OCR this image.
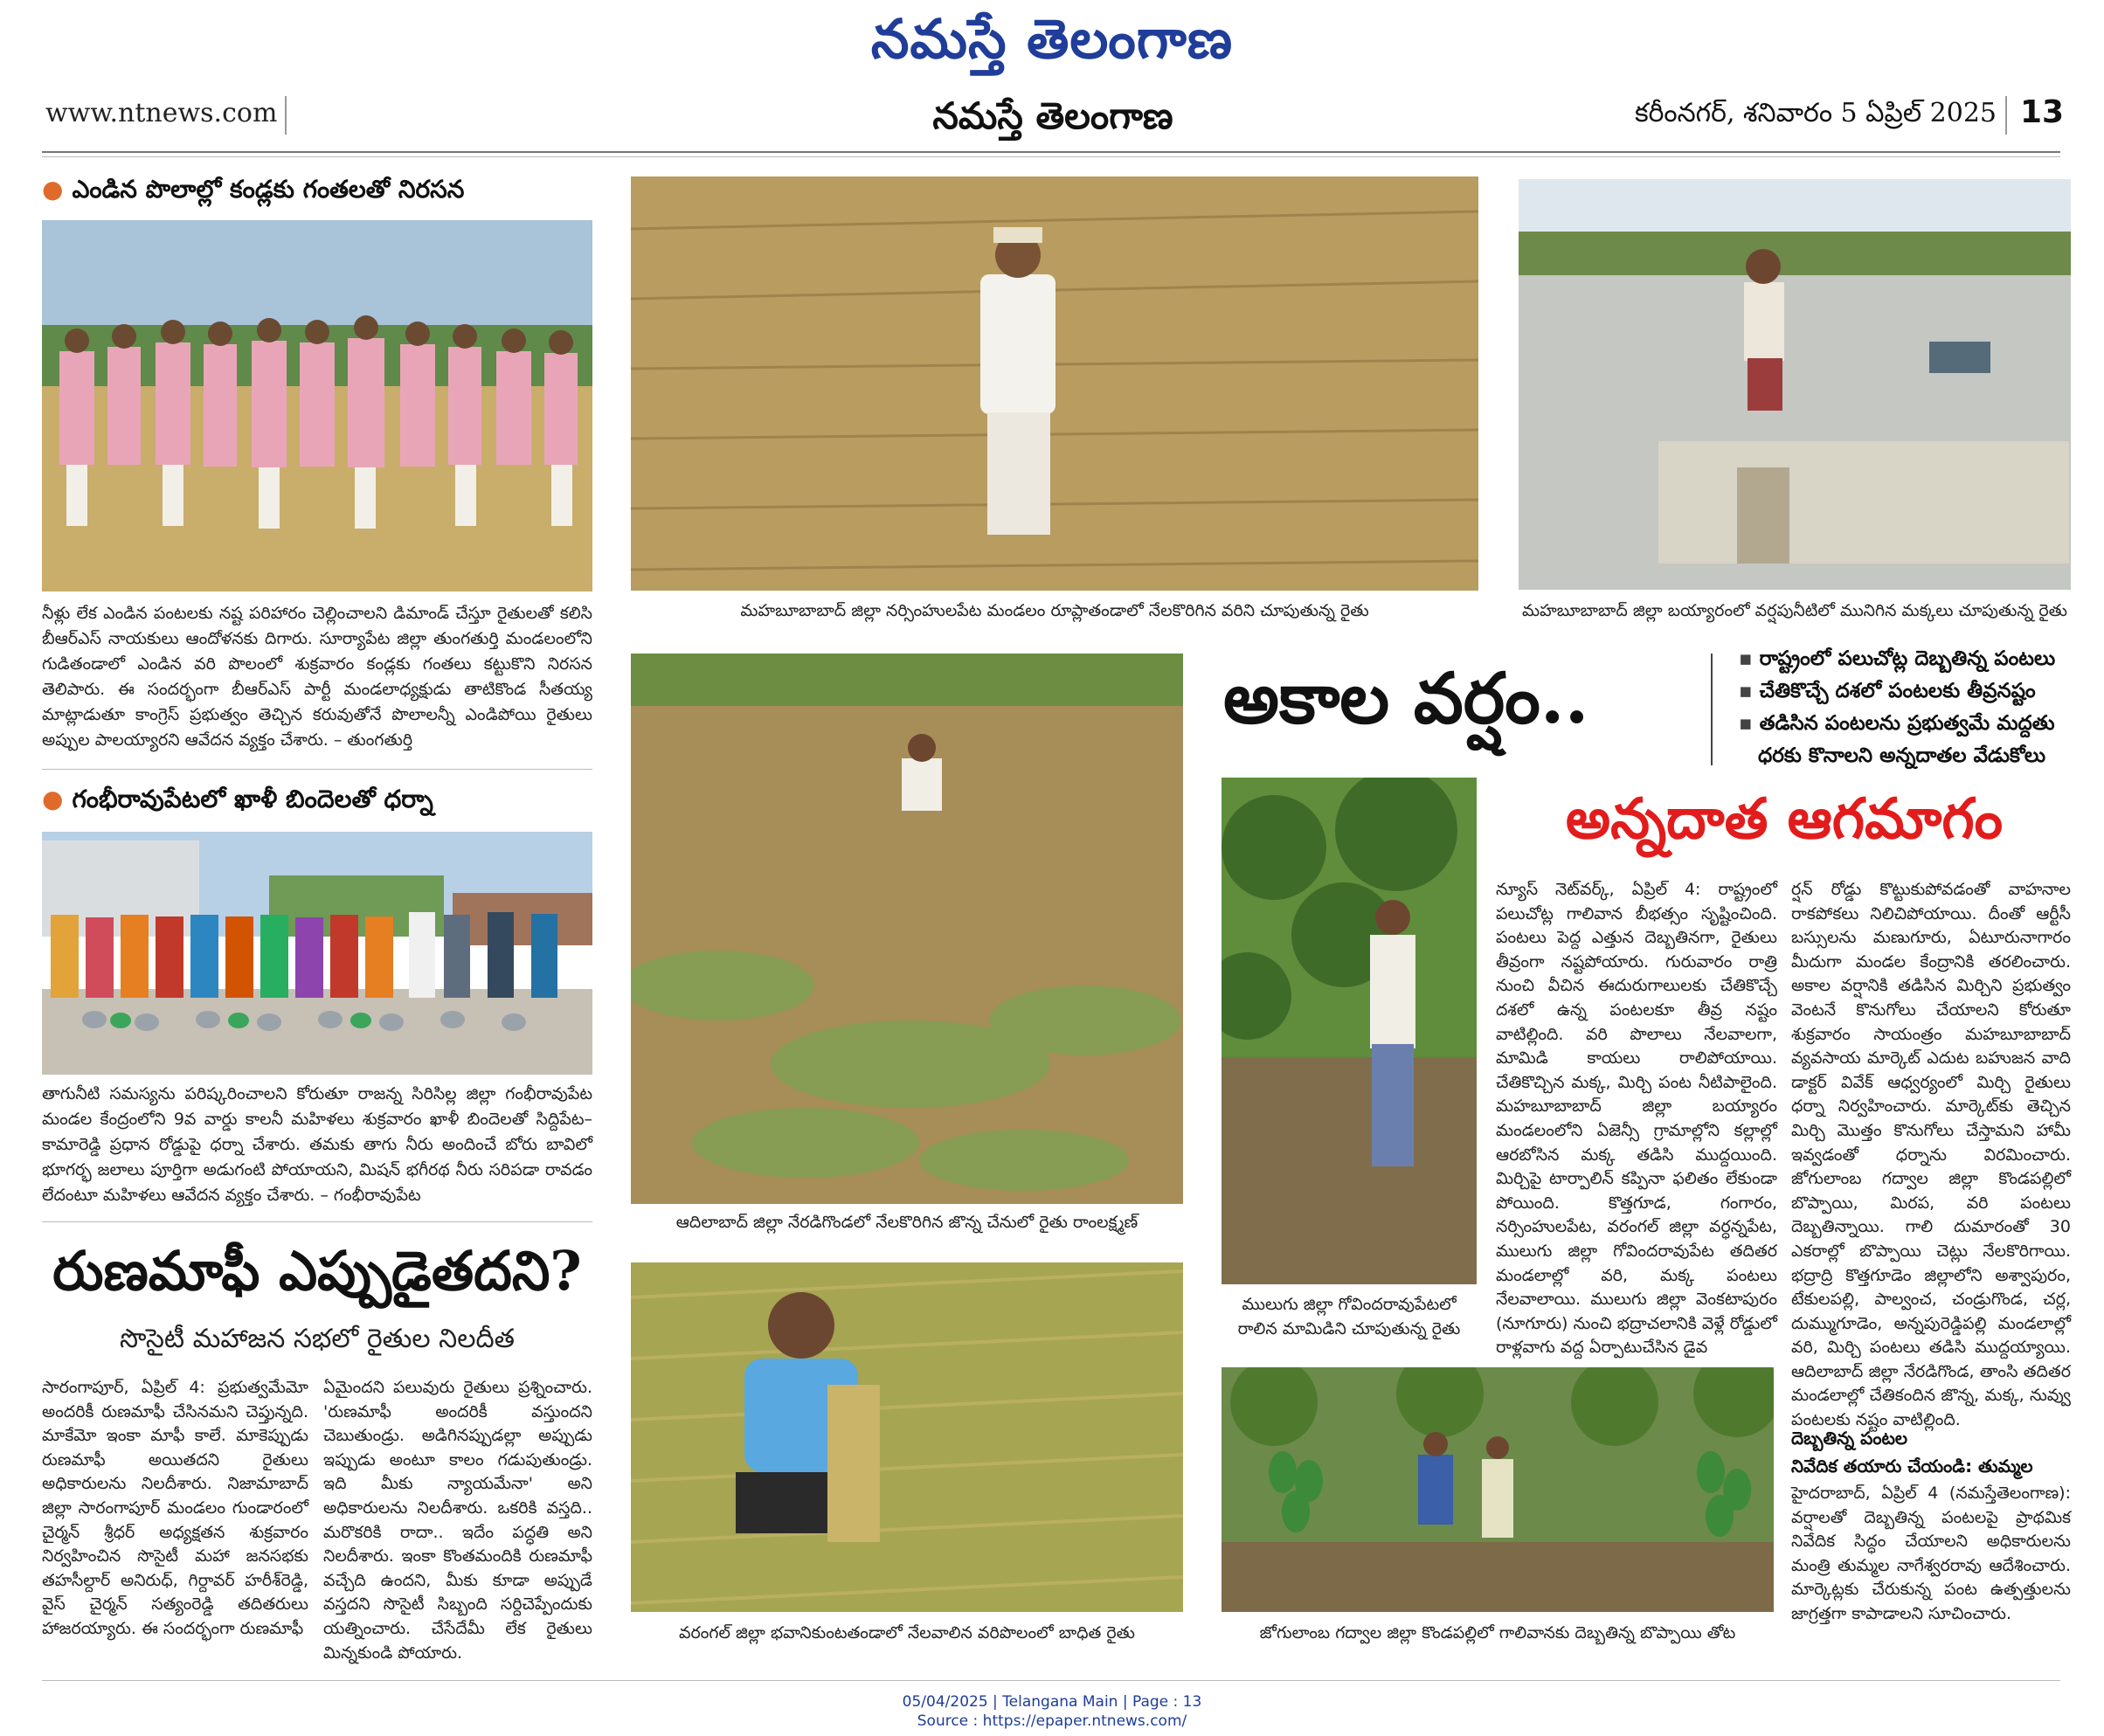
నమస్తే తెలంగాణ
www.ntnews.com	నమస్తే తెలంగాణ	కరీంనగర్, శనివారం 5 ఏప్రిల్ 2025 13
● ఎండిన పొలాల్లో కండ్లకు గంతలతో నిరసన
నీళ్లు లేక ఎండిన పంటలకు నష్ట పరిహారం చెల్లించాలని డిమాండ్ చేస్తూ రైతులతో కలిసి బీఆర్ఎస్ నాయకులు ఆందోళనకు దిగారు. సూర్యాపేట జిల్లా తుంగతుర్తి మండలంలోని గుడితండాలో ఎండిన వరి పొలంలో శుక్రవారం కండ్లకు గంతలు కట్టుకొని నిరసన తెలిపారు. ఈ సందర్భంగా బీఆర్ఎస్ పార్టీ మండలాధ్యక్షుడు తాటికొండ సీతయ్య మాట్లాడుతూ కాంగ్రెస్ ప్రభుత్వం తెచ్చిన కరువుతోనే పొలాలన్నీ ఎండిపోయి రైతులు అప్పుల పాలయ్యారని ఆవేదన వ్యక్తం చేశారు. – తుంగతుర్తి
● గంభీరావుపేటలో ఖాళీ బిందెలతో ధర్నా
తాగునీటి సమస్యను పరిష్కరించాలని కోరుతూ రాజన్న సిరిసిల్ల జిల్లా గంభీరావుపేట మండల కేంద్రంలోని 9వ వార్డు కాలనీ మహిళలు శుక్రవారం ఖాళీ బిందెలతో సిద్దిపేట–కామారెడ్డి ప్రధాన రోడ్డుపై ధర్నా చేశారు. తమకు తాగు నీరు అందించే బోరు బావిలో భూగర్భ జలాలు పూర్తిగా అడుగంటి పోయాయని, మిషన్ భగీరథ నీరు సరిపడా రావడం లేదంటూ మహిళలు ఆవేదన వ్యక్తం చేశారు. – గంభీరావుపేట
రుణమాఫీ ఎప్పుడైతదని?
సొసైటీ మహాజన సభలో రైతుల నిలదీత
సారంగాపూర్, ఏప్రిల్ 4: ప్రభుత్వమేమో అందరికీ రుణమాఫీ చేసినమని చెప్తున్నది. మాకేమో ఇంకా మాఫీ కాలే. మాకెప్పుడు రుణమాఫీ అయితదని రైతులు అధికారులను నిలదీశారు. నిజామాబాద్ జిల్లా సారంగాపూర్ మండలం గుండారంలో చైర్మన్ శ్రీధర్ అధ్యక్షతన శుక్రవారం నిర్వహించిన సొసైటీ మహా జనసభకు తహసీల్దార్ అనిరుధ్, గిర్దావర్ హరీశ్‌రెడ్డి, వైస్ చైర్మన్ సత్యంరెడ్డి తదితరులు హాజరయ్యారు. ఈ సందర్భంగా రుణమాఫీ
ఏమైందని పలువురు రైతులు ప్రశ్నించారు. 'రుణమాఫీ అందరికీ వస్తుందని చెబుతుండ్రు. అడిగినప్పుడల్లా అప్పుడు ఇప్పుడు అంటూ కాలం గడుపుతుండ్రు. ఇది మీకు న్యాయమేనా' అని అధికారులను నిలదీశారు. ఒకరికి వస్తది.. మరొకరికి రాదా.. ఇదేం పద్ధతి అని నిలదీశారు. ఇంకా కొంతమందికి రుణమాఫీ వచ్చేది ఉందని, మీకు కూడా అప్పుడే వస్తదని సొసైటీ సిబ్బంది సర్దిచెప్పేందుకు యత్నించారు. చేసేదేమీ లేక రైతులు మిన్నకుండి పోయారు.
మహబూబాబాద్ జిల్లా నర్సింహులపేట మండలం రూప్లాతండాలో నేలకొరిగిన వరిని చూపుతున్న రైతు	మహబూబాబాద్ జిల్లా బయ్యారంలో వర్షపునీటిలో మునిగిన మక్కలు చూపుతున్న రైతు
ఆదిలాబాద్ జిల్లా నేరడిగొండలో నేలకొరిగిన జొన్న చేనులో రైతు రాంలక్ష్మణ్
వరంగల్ జిల్లా భవానికుంటతండాలో నేలవాలిన వరిపొలంలో బాధిత రైతు
అకాల వర్షం..	▪ రాష్ట్రంలో పలుచోట్ల దెబ్బతిన్న పంటలు
▪ చేతికొచ్చే దశలో పంటలకు తీవ్రనష్టం
▪ తడిసిన పంటలను ప్రభుత్వమే మద్దతు
ధరకు కొనాలని అన్నదాతల వేడుకోలు
అన్నదాత ఆగమాగం
ములుగు జిల్లా గోవిందరావుపేటలో
రాలిన మామిడిని చూపుతున్న రైతు
న్యూస్ నెట్‌వర్క్, ఏప్రిల్ 4: రాష్ట్రంలో పలుచోట్ల గాలివాన బీభత్సం సృష్టించింది. పంటలు పెద్ద ఎత్తున దెబ్బతినగా, రైతులు తీవ్రంగా నష్టపోయారు. గురువారం రాత్రి నుంచి వీచిన ఈదురుగాలులకు చేతికొచ్చే దశలో ఉన్న పంటలకూ తీవ్ర నష్టం వాటిల్లింది. వరి పొలాలు నేలవాలగా, మామిడి కాయలు రాలిపోయాయి. చేతికొచ్చిన మక్క, మిర్చి పంట నీటిపాలైంది. మహబూబాబాద్ జిల్లా బయ్యారం మండలంలోని ఏజెన్సీ గ్రామాల్లోని కల్లాల్లో ఆరబోసిన మక్క తడిసి ముద్దయింది. మిర్చిపై టార్పాలిన్ కప్పినా ఫలితం లేకుండా పోయింది. కొత్తగూడ, గంగారం, నర్సింహులపేట, వరంగల్ జిల్లా వర్ధన్నపేట, ములుగు జిల్లా గోవిందరావుపేట తదితర మండలాల్లో వరి, మక్క పంటలు నేలవాలాయి. ములుగు జిల్లా వెంకటాపురం (నూగూరు) నుంచి భద్రాచలానికి వెళ్లే రోడ్డులో రాళ్లవాగు వద్ద ఏర్పాటుచేసిన డైవ
ర్షన్ రోడ్డు కొట్టుకుపోవడంతో వాహనాల రాకపోకలు నిలిచిపోయాయి. దీంతో ఆర్టీసీ బస్సులను మణుగూరు, ఏటూరునాగారం మీదుగా మండల కేంద్రానికి తరలించారు. అకాల వర్షానికి తడిసిన మిర్చిని ప్రభుత్వం వెంటనే కొనుగోలు చేయాలని కోరుతూ శుక్రవారం సాయంత్రం మహబూబాబాద్ వ్యవసాయ మార్కెట్ ఎదుట బహుజన వాది డాక్టర్ వివేక్ ఆధ్వర్యంలో మిర్చి రైతులు ధర్నా నిర్వహించారు. మార్కెట్‌కు తెచ్చిన మిర్చి మొత్తం కొనుగోలు చేస్తామని హామీ ఇవ్వడంతో ధర్నాను విరమించారు. జోగులాంబ గద్వాల జిల్లా కొండపల్లిలో బొప్పాయి, మిరప, వరి పంటలు దెబ్బతిన్నాయి. గాలి దుమారంతో 30 ఎకరాల్లో బొప్పాయి చెట్లు నేలకొరిగాయి. భద్రాద్రి కొత్తగూడెం జిల్లాలోని అశ్వాపురం, టేకులపల్లి, పాల్వంచ, చండ్రుగొండ, చర్ల, దుమ్ముగూడెం, అన్నపురెడ్డిపల్లి మండలాల్లో వరి, మిర్చి పంటలు తడిసి ముద్దయ్యాయి. ఆదిలాబాద్ జిల్లా నేరడిగొండ, తాంసి తదితర మండలాల్లో చేతికందిన జొన్న, మక్క, నువ్వు పంటలకు నష్టం వాటిల్లింది.
దెబ్బతిన్న పంటల
నివేదిక తయారు చేయండి: తుమ్మల
హైదరాబాద్, ఏప్రిల్ 4 (నమస్తేతెలంగాణ): వర్షాలతో దెబ్బతిన్న పంటలపై ప్రాథమిక నివేదిక సిద్ధం చేయాలని అధికారులను మంత్రి తుమ్మల నాగేశ్వరరావు ఆదేశించారు. మార్కెట్లకు చేరుకున్న పంట ఉత్పత్తులను జాగ్రత్తగా కాపాడాలని సూచించారు.
జోగులాంబ గద్వాల జిల్లా కొండపల్లిలో గాలివానకు దెబ్బతిన్న బొప్పాయి తోట
05/04/2025 | Telangana Main | Page : 13
Source : https://epaper.ntnews.com/
